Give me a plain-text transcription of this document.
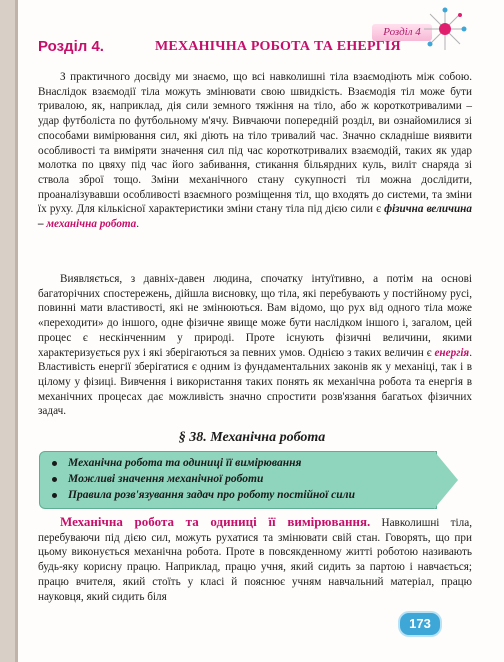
Розділ 4
Розділ 4.	МЕХАНІЧНА РОБОТА ТА ЕНЕРГІЯ

З практичного досвіду ми знаємо, що всі навколишні тіла взаємодіють між собою. Внаслідок взаємодії тіла можуть змінювати свою швидкість. Взаємодія тіл може бути тривалою, як, наприклад, дія сили земного тяжіння на тіло, або ж короткотривалими – удар футболіста по футбольному м'ячу. Вивчаючи попередній розділ, ви ознайомилися зі способами вимірювання сил, які діють на тіло тривалий час. Значно складніше виявити особливості та виміряти значення сил під час короткотривалих взаємодій, таких як удар молотка по цвяху під час його забивання, стикання більярдних куль, виліт снаряда зі ствола зброї тощо. Зміни механічного стану сукупності тіл можна дослідити, проаналізувавши особливості взаємного розміщення тіл, що входять до системи, та зміни їх руху. Для кількісної характеристики зміни стану тіла під дією сили є фізична величина – механічна робота.

Виявляється, з давніх-давен людина, спочатку інтуїтивно, а потім на основі багаторічних спостережень, дійшла висновку, що тіла, які перебувають у постійному русі, повинні мати властивості, які не змінюються. Вам відомо, що рух від одного тіла може «переходити» до іншого, однe фізичне явище може бути наслідком іншого і, загалом, цей процес є нескінченним у природі. Проте існують фізичні величини, якими характеризується рух і які зберігаються за певних умов. Однією з таких величин є енергія. Властивість енергії зберігатися є одним із фундаментальних законів як у механіці, так і в цілому у фізиці. Вивчення і використання таких понять як механічна робота та енергія в механічних процесах дає можливість значно спростити розв'язання багатьох фізичних задач.

§ 38. Механічна робота
Механічна робота та одиниці її вимірювання
Можливі значення механічної роботи
Правила розв'язування задач про роботу постійної сили

Механічна робота та одиниці її вимірювання. Навколишні тіла, перебуваючи під дією сил, можуть рухатися та змінювати свій стан. Говорять, що при цьому виконується механічна робота. Проте в повсякденному житті роботою називають будь-яку корисну працю. Наприклад, працю учня, який сидить за партою і навчається; працю вчителя, який стоїть у класі й пояснює учням навчальний матеріал, працю науковця, який сидить біля

173
